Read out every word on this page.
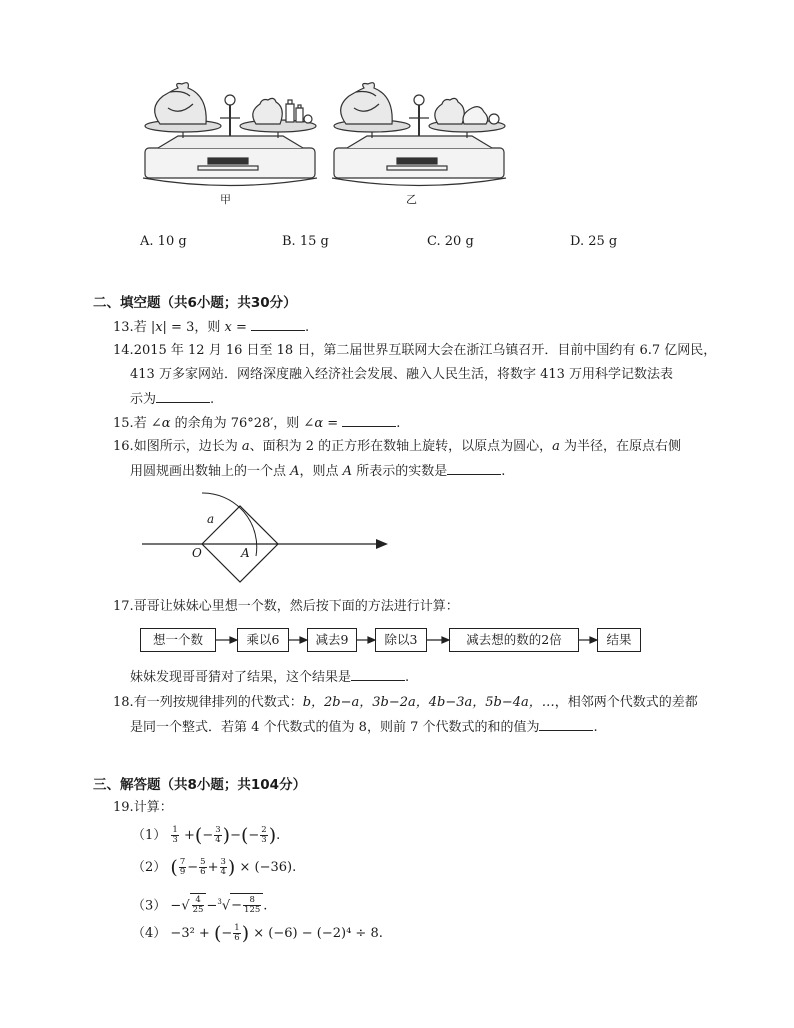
甲	乙
A. 10 g	B. 15 g	C. 20 g	D. 25 g
二、填空题（共6小题；共30分）
13.若 |x| = 3，则 x =	.
14.2015 年 12 月 16 日至 18 日，第二届世界互联网大会在浙江乌镇召开．目前中国约有 6.7 亿网民，
413 万多家网站．网络深度融入经济社会发展、融入人民生活，将数字 413 万用科学记数法表
示为	.
15.若 ∠α 的余角为 76°28′，则 ∠α =	.
16.如图所示，边长为 a、面积为 2 的正方形在数轴上旋转，以原点为圆心，a 为半径，在原点右侧
用圆规画出数轴上的一个点 A，则点 A 所表示的实数是	.
a
O	A
17.哥哥让妹妹心里想一个数，然后按下面的方法进行计算：
想一个数	乘以6	减去9	除以3	减去想的数的2倍	结果
妹妹发现哥哥猜对了结果，这个结果是	.
18.有一列按规律排列的代数式：b，2b−a，3b−2a，4b−3a，5b−4a，…，相邻两个代数式的差都
是同一个整式．若第 4 个代数式的值为 8，则前 7 个代数式的和的值为	.
三、解答题（共8小题；共104分）
19.计算：
$(1) \frac{1}{3}$ +(− $\frac{3}{4}$ )−(− $\frac{2}{3}$ ).
（2） ( $\frac{7}{9} - \frac{5}{6} + \frac{3}{4}$ ) × (−36).
（3） −√ $\frac{4}{25} -^3√- \frac{8}{125}$ .
（4） −3² + (− $\frac{1}{6}$ ) × (−6) − (−2)⁴ ÷ 8.
